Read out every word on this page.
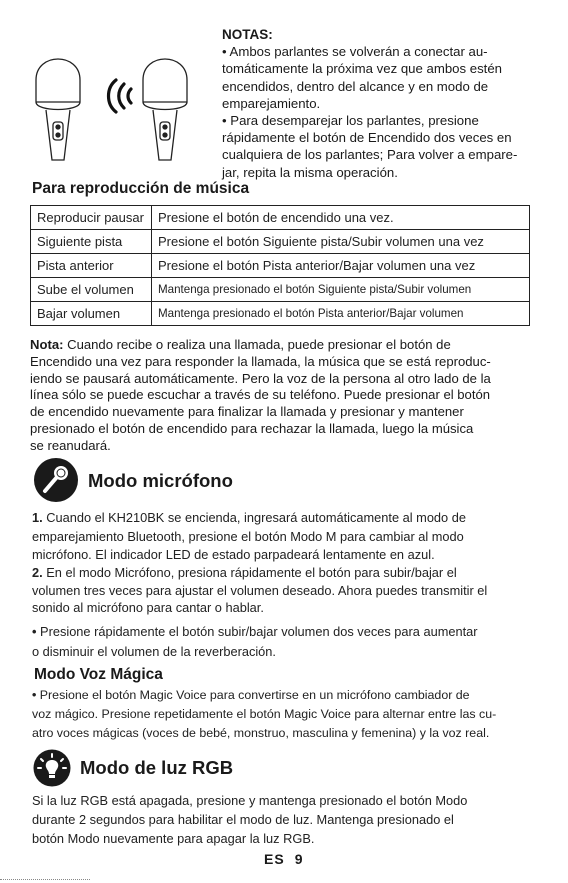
NOTAS:

• Ambos parlantes se volverán a conectar au-

tomáticamente la próxima vez que ambos estén

encendidos, dentro del alcance y en modo de

emparejamiento.

• Para desemparejar los parlantes, presione

rápidamente el botón de Encendido dos veces en

cualquiera de los parlantes; Para volver a empare-

jar, repita la misma operación.

Para reproducción de música
Reproducir pausar	Presione el botón de encendido una vez.
Siguiente pista	Presione el botón Siguiente pista/Subir volumen una vez
Pista anterior	Presione el botón Pista anterior/Bajar volumen una vez
Sube el volumen	Mantenga presionado el botón Siguiente pista/Subir volumen
Bajar volumen	Mantenga presionado el botón Pista anterior/Bajar volumen
Nota: Cuando recibe o realiza una llamada, puede presionar el botón de
Encendido una vez para responder la llamada, la música que se está reproduc-
iendo se pausará automáticamente. Pero la voz de la persona al otro lado de la
línea sólo se puede escuchar a través de su teléfono. Puede presionar el botón
de encendido nuevamente para finalizar la llamada y presionar y mantener
presionado el botón de encendido para rechazar la llamada, luego la música
se reanudará.
Modo micrófono
1. Cuando el KH210BK se encienda, ingresará automáticamente al modo de
emparejamiento Bluetooth, presione el botón Modo M para cambiar al modo
micrófono. El indicador LED de estado parpadeará lentamente en azul.
2. En el modo Micrófono, presiona rápidamente el botón para subir/bajar el
volumen tres veces para ajustar el volumen deseado. Ahora puedes transmitir el
sonido al micrófono para cantar o hablar.
• Presione rápidamente el botón subir/bajar volumen dos veces para aumentar
o disminuir el volumen de la reverberación.
Modo Voz Mágica
• Presione el botón Magic Voice para convertirse en un micrófono cambiador de
voz mágico. Presione repetidamente el botón Magic Voice para alternar entre las cu-
atro voces mágicas (voces de bebé, monstruo, masculina y femenina) y la voz real.
Modo de luz RGB
Si la luz RGB está apagada, presione y mantenga presionado el botón Modo
durante 2 segundos para habilitar el modo de luz. Mantenga presionado el
botón Modo nuevamente para apagar la luz RGB.
ES 9
